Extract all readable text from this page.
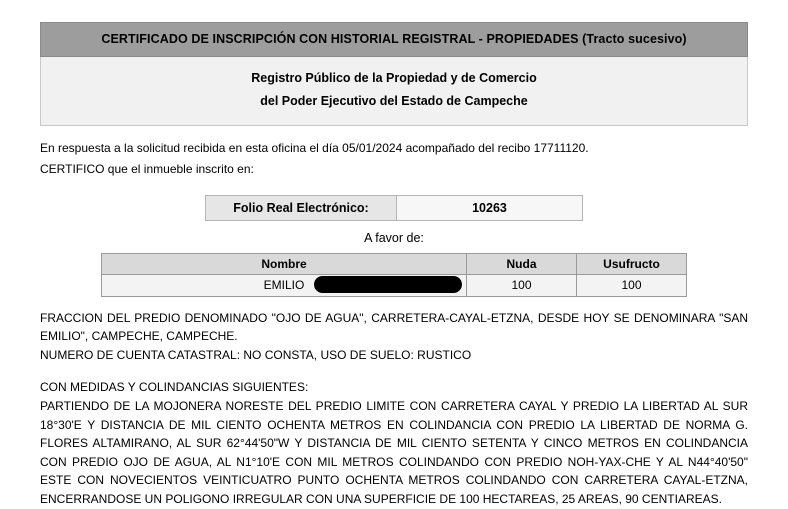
CERTIFICADO DE INSCRIPCIÓN CON HISTORIAL REGISTRAL - PROPIEDADES (Tracto sucesivo)
Registro Público de la Propiedad y de Comercio
del Poder Ejecutivo del Estado de Campeche
En respuesta a la solicitud recibida en esta oficina el día 05/01/2024 acompañado del recibo 17711120.
CERTIFICO que el inmueble inscrito en:
Folio Real Electrónico:	10263
A favor de:
Nombre	Nuda	Usufructo
EMILIO	100	100

FRACCION DEL PREDIO DENOMINADO "OJO DE AGUA", CARRETERA-CAYAL-ETZNA, DESDE HOY SE DENOMINARA "SAN EMILIO", CAMPECHE, CAMPECHE.

NUMERO DE CUENTA CATASTRAL: NO CONSTA, USO DE SUELO: RUSTICO

CON MEDIDAS Y COLINDANCIAS SIGUIENTES:

PARTIENDO DE LA MOJONERA NORESTE DEL PREDIO LIMITE CON CARRETERA CAYAL Y PREDIO LA LIBERTAD AL SUR 18°30'E Y DISTANCIA DE MIL CIENTO OCHENTA METROS EN COLINDANCIA CON PREDIO LA LIBERTAD DE NORMA G. FLORES ALTAMIRANO, AL SUR 62°44'50"W Y DISTANCIA DE MIL CIENTO SETENTA Y CINCO METROS EN COLINDANCIA CON PREDIO OJO DE AGUA, AL N1°10'E CON MIL METROS COLINDANDO CON PREDIO NOH-YAX-CHE Y AL N44°40'50" ESTE CON NOVECIENTOS VEINTICUATRO PUNTO OCHENTA METROS COLINDANDO CON CARRETERA CAYAL-ETZNA, ENCERRANDOSE UN POLIGONO IRREGULAR CON UNA SUPERFICIE DE 100 HECTAREAS, 25 AREAS, 90 CENTIAREAS.
